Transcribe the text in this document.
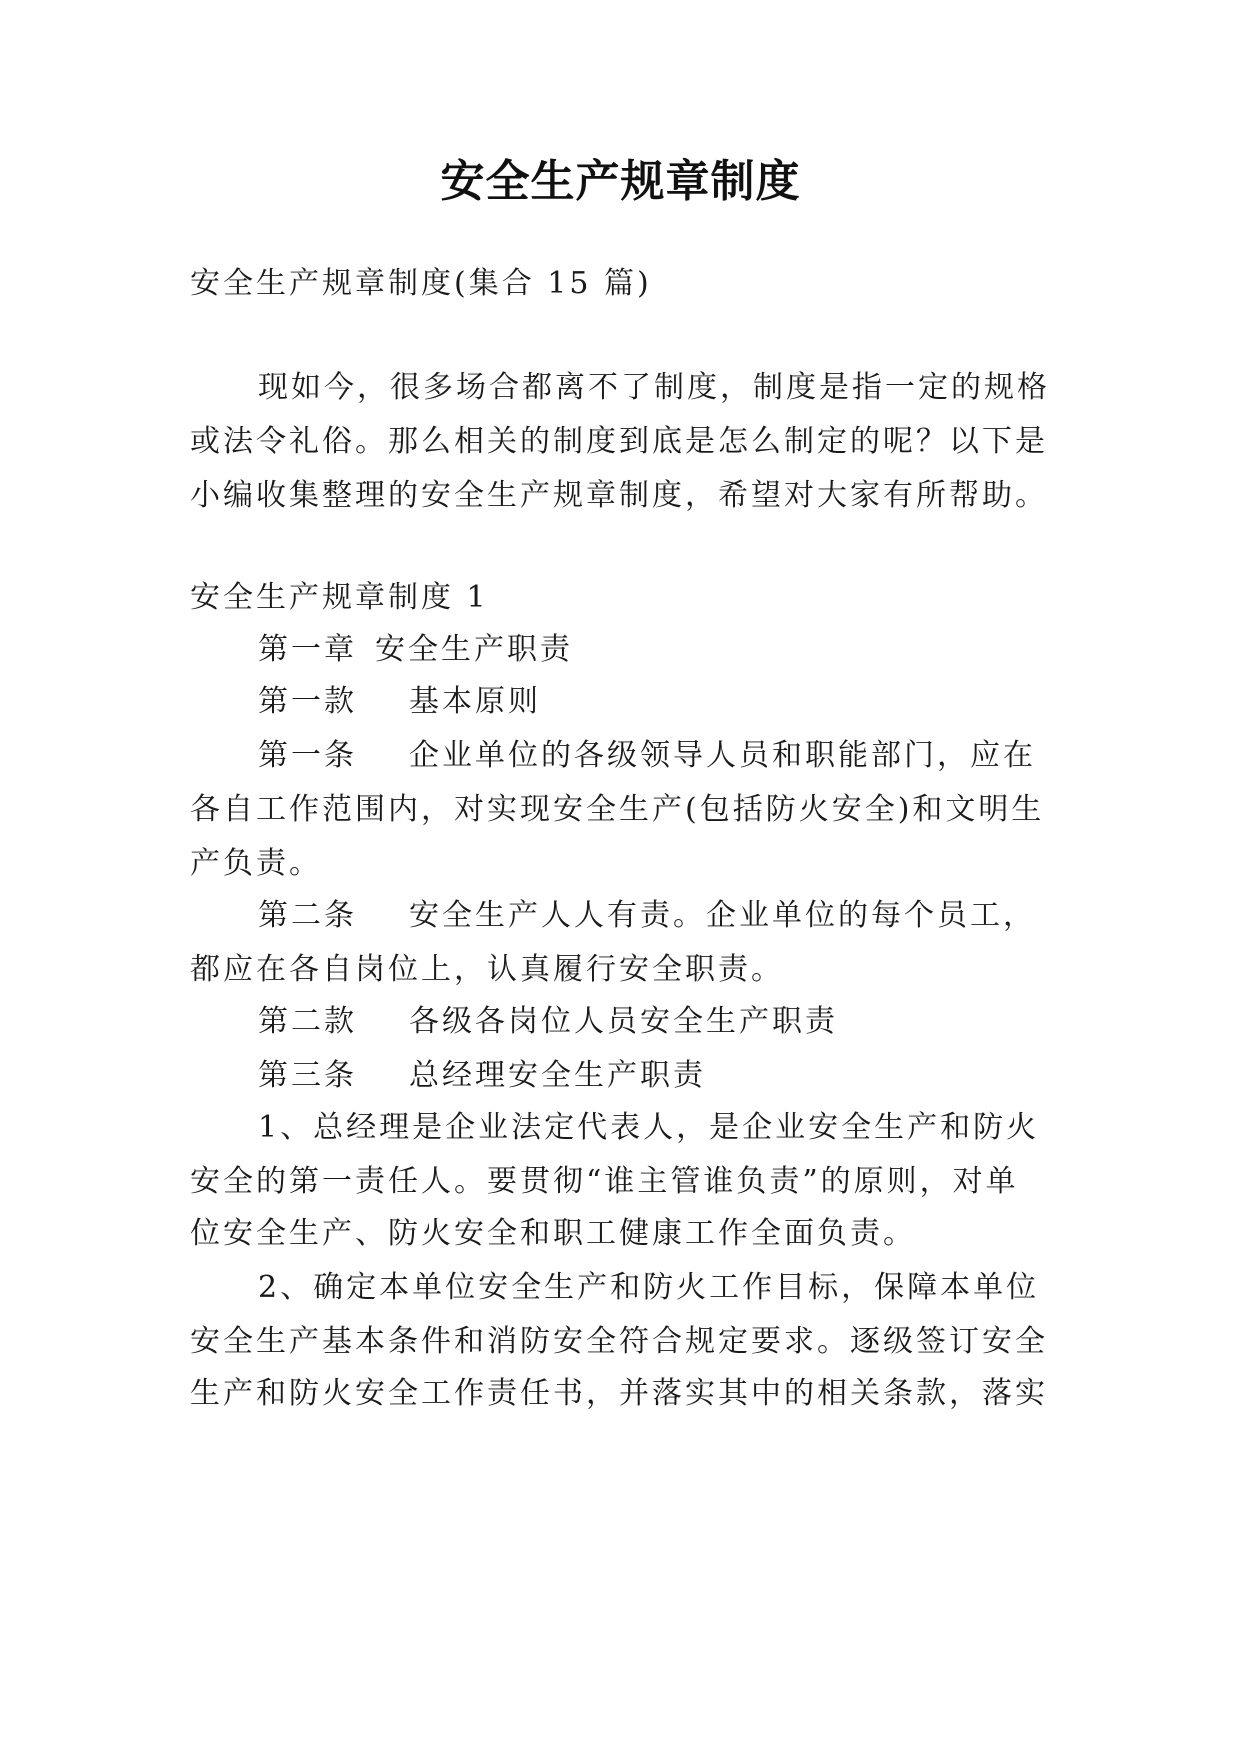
安全生产规章制度
安全生产规章制度(集合 15 篇)
现如今，很多场合都离不了制度，制度是指一定的规格
或法令礼俗。那么相关的制度到底是怎么制定的呢？以下是
小编收集整理的安全生产规章制度，希望对大家有所帮助。
安全生产规章制度 1
第一章 安全生产职责
第一款 基本原则
第一条 企业单位的各级领导人员和职能部门，应在
各自工作范围内，对实现安全生产(包括防火安全)和文明生
产负责。
第二条 安全生产人人有责。企业单位的每个员工，
都应在各自岗位上，认真履行安全职责。
第二款 各级各岗位人员安全生产职责
第三条 总经理安全生产职责
1、总经理是企业法定代表人，是企业安全生产和防火
安全的第一责任人。要贯彻“谁主管谁负责”的原则，对单
位安全生产、防火安全和职工健康工作全面负责。
2、确定本单位安全生产和防火工作目标，保障本单位
安全生产基本条件和消防安全符合规定要求。逐级签订安全
生产和防火安全工作责任书，并落实其中的相关条款，落实
